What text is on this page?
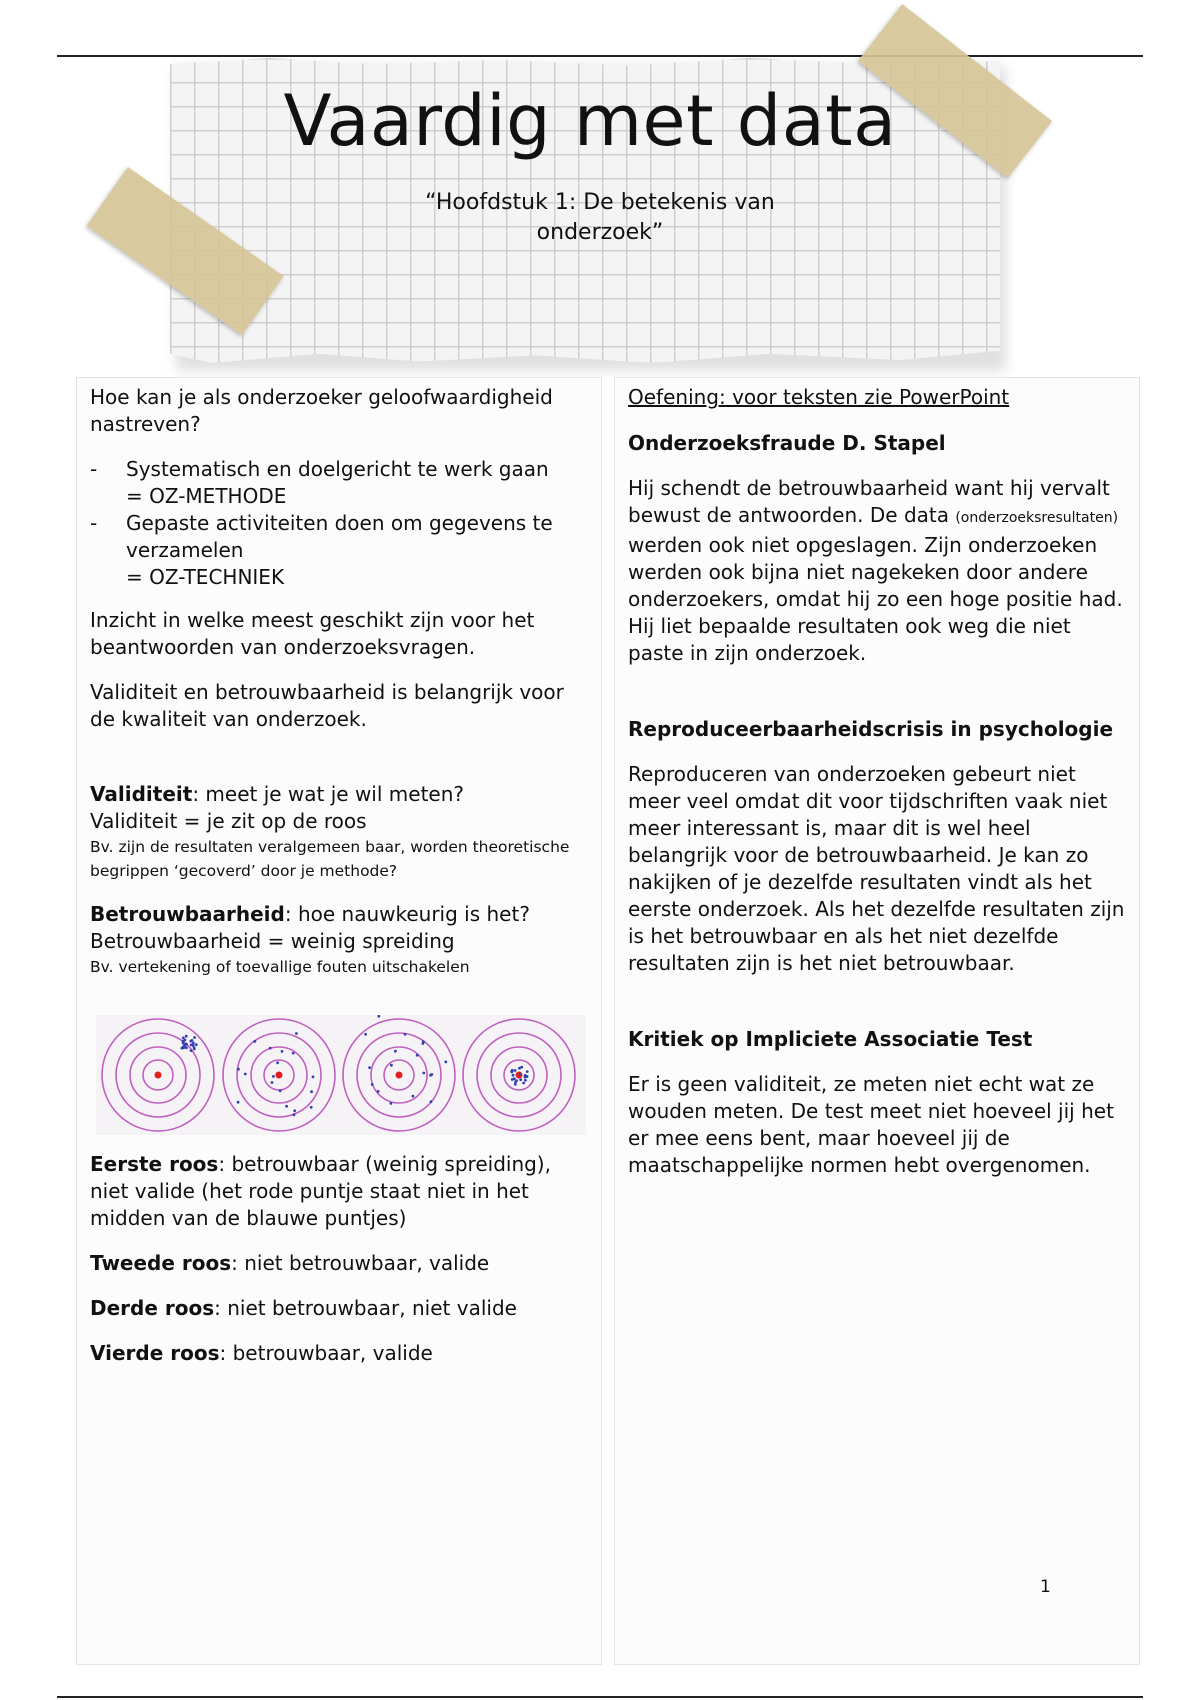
Vaardig met data
“Hoofdstuk 1: De betekenis van onderzoek”

Hoe kan je als onderzoeker geloofwaardigheid nastreven?

- Systematisch en doelgericht te werk gaan
= OZ-METHODE
- Gepaste activiteiten doen om gegevens te verzamelen
= OZ-TECHNIEK

Inzicht in welke meest geschikt zijn voor het beantwoorden van onderzoeksvragen.

Validiteit en betrouwbaarheid is belangrijk voor de kwaliteit van onderzoek.

Validiteit: meet je wat je wil meten?
Validiteit = je zit op de roos
Bv. zijn de resultaten veralgemeen baar, worden theoretische begrippen ‘gecoverd’ door je methode?

Betrouwbaarheid: hoe nauwkeurig is het?
Betrouwbaarheid = weinig spreiding
Bv. vertekening of toevallige fouten uitschakelen

Eerste roos: betrouwbaar (weinig spreiding), niet valide (het rode puntje staat niet in het midden van de blauwe puntjes)

Tweede roos: niet betrouwbaar, valide

Derde roos: niet betrouwbaar, niet valide

Vierde roos: betrouwbaar, valide

Oefening: voor teksten zie PowerPoint

Onderzoeksfraude D. Stapel

Hij schendt de betrouwbaarheid want hij vervalt bewust de antwoorden. De data (onderzoeksresultaten) werden ook niet opgeslagen. Zijn onderzoeken werden ook bijna niet nagekeken door andere onderzoekers, omdat hij zo een hoge positie had. Hij liet bepaalde resultaten ook weg die niet paste in zijn onderzoek.

Reproduceerbaarheidscrisis in psychologie

Reproduceren van onderzoeken gebeurt niet meer veel omdat dit voor tijdschriften vaak niet meer interessant is, maar dit is wel heel belangrijk voor de betrouwbaarheid. Je kan zo nakijken of je dezelfde resultaten vindt als het eerste onderzoek. Als het dezelfde resultaten zijn is het betrouwbaar en als het niet dezelfde resultaten zijn is het niet betrouwbaar.

Kritiek op Impliciete Associatie Test

Er is geen validiteit, ze meten niet echt wat ze wouden meten. De test meet niet hoeveel jij het er mee eens bent, maar hoeveel jij de maatschappelijke normen hebt overgenomen.

1
